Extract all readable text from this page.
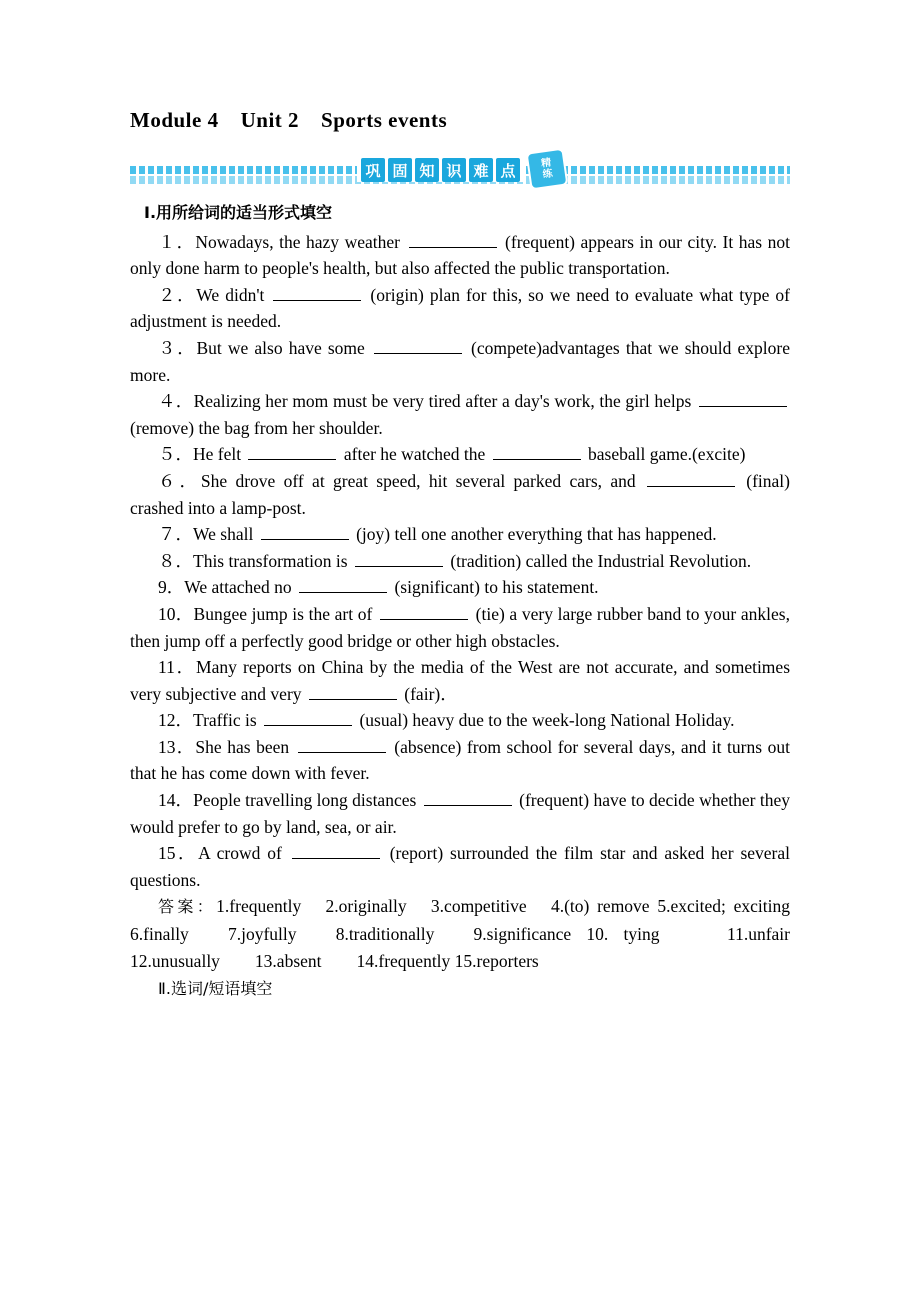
Module 4 Unit 2 Sports events
巩 固 知 识 难 点	精
练
Ⅰ.用所给词的适当形式填空

１．Nowadays, the hazy weather	(frequent) appears in our city. It has not only done harm to people's health, but also affected the public transportation.

２．We didn't	(origin) plan for this, so we need to evaluate what type of adjustment is needed.

３．But we also have some	(compete)advantages that we should explore more.

４．Realizing her mom must be very tired after a day's work, the girl helps  (remove) the bag from her shoulder.

５．He felt	after he watched the	baseball game.(excite)

６．She drove off at great speed, hit several parked cars, and	(final) crashed into a lamp-post.

７．We shall	(joy) tell one another everything that has happened.

８．This transformation is	(tradition) called the Industrial Revolution.

9．We attached no	(significant) to his statement.

10．Bungee jump is the art of	(tie) a very large rubber band to your ankles, then jump off a perfectly good bridge or other high obstacles.

11．Many reports on China by the media of the West are not accurate, and sometimes very subjective and very	(fair)．

12．Traffic is	(usual) heavy due to the week-long National Holiday.

13．She has been	(absence) from school for several days, and it turns out that he has come down with fever.

14．People travelling long distances	(frequent) have to decide whether they would prefer to go by land, sea, or air.

15．A crowd of	(report) surrounded the film star and asked her several questions.

答案：1.frequently　2.originally　3.competitive　4.(to) remove 5.excited; exciting　6.finally　7.joyfully　8.traditionally　9.significance 10. tying　　11.unfair　　12.unusually　　13.absent　　14.frequently 15.reporters

Ⅱ.选词/短语填空
